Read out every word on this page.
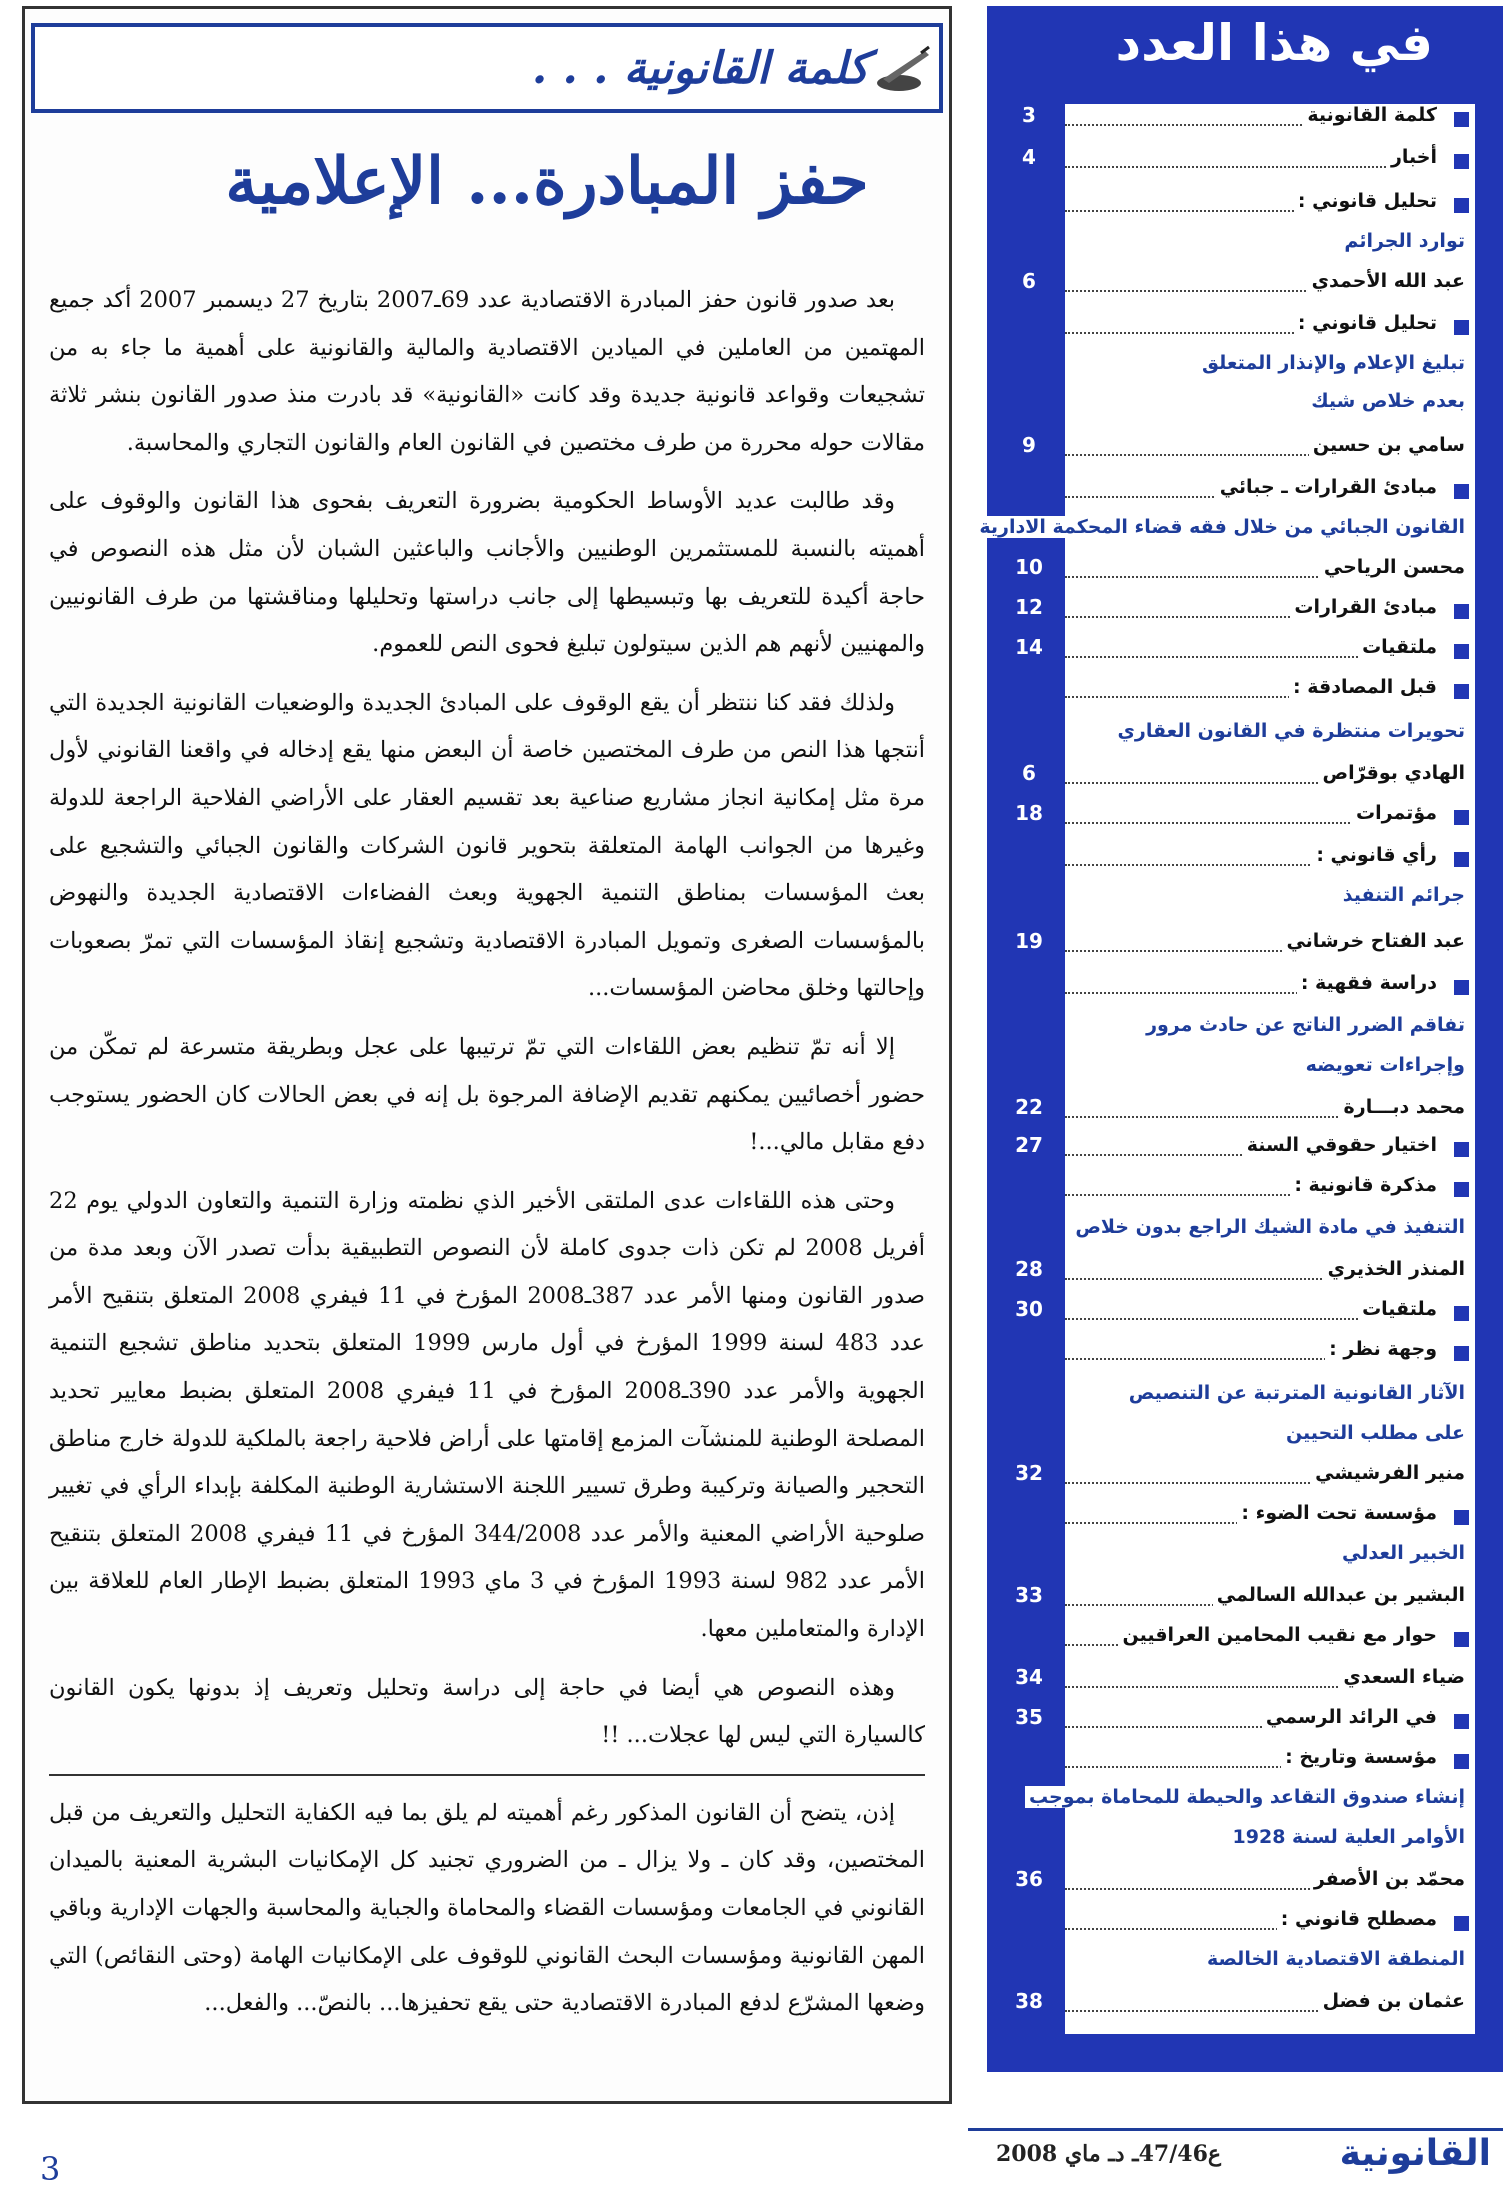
كلمة القانونية . . .
حفز المبادرة... الإعلامية

بعد صدور قانون حفز المبادرة الاقتصادية عدد 69ـ2007 بتاريخ 27 ديسمبر 2007 أكد جميع المهتمين من العاملين في الميادين الاقتصادية والمالية والقانونية على أهمية ما جاء به من تشجيعات وقواعد قانونية جديدة وقد كانت «القانونية» قد بادرت منذ صدور القانون بنشر ثلاثة مقالات حوله محررة من طرف مختصين في القانون العام والقانون التجاري والمحاسبة.

وقد طالبت عديد الأوساط الحكومية بضرورة التعريف بفحوى هذا القانون والوقوف على أهميته بالنسبة للمستثمرين الوطنيين والأجانب والباعثين الشبان لأن مثل هذه النصوص في حاجة أكيدة للتعريف بها وتبسيطها إلى جانب دراستها وتحليلها ومناقشتها من طرف القانونيين والمهنيين لأنهم هم الذين سيتولون تبليغ فحوى النص للعموم.

ولذلك فقد كنا ننتظر أن يقع الوقوف على المبادئ الجديدة والوضعيات القانونية الجديدة التي أنتجها هذا النص من طرف المختصين خاصة أن البعض منها يقع إدخاله في واقعنا القانوني لأول مرة مثل إمكانية انجاز مشاريع صناعية بعد تقسيم العقار على الأراضي الفلاحية الراجعة للدولة وغيرها من الجوانب الهامة المتعلقة بتحوير قانون الشركات والقانون الجبائي والتشجيع على بعث المؤسسات بمناطق التنمية الجهوية وبعث الفضاءات الاقتصادية الجديدة والنهوض بالمؤسسات الصغرى وتمويل المبادرة الاقتصادية وتشجيع إنقاذ المؤسسات التي تمرّ بصعوبات وإحالتها وخلق محاضن المؤسسات...

إلا أنه تمّ تنظيم بعض اللقاءات التي تمّ ترتيبها على عجل وبطريقة متسرعة لم تمكّن من حضور أخصائيين يمكنهم تقديم الإضافة المرجوة بل إنه في بعض الحالات كان الحضور يستوجب دفع مقابل مالي...!

وحتى هذه اللقاءات عدى الملتقى الأخير الذي نظمته وزارة التنمية والتعاون الدولي يوم 22 أفريل 2008 لم تكن ذات جدوى كاملة لأن النصوص التطبيقية بدأت تصدر الآن وبعد مدة من صدور القانون ومنها الأمر عدد 387ـ2008 المؤرخ في 11 فيفري 2008 المتعلق بتنقيح الأمر عدد 483 لسنة 1999 المؤرخ في أول مارس 1999 المتعلق بتحديد مناطق تشجيع التنمية الجهوية والأمر عدد 390ـ2008 المؤرخ في 11 فيفري 2008 المتعلق بضبط معايير تحديد المصلحة الوطنية للمنشآت المزمع إقامتها على أراض فلاحية راجعة بالملكية للدولة خارج مناطق التحجير والصيانة وتركيبة وطرق تسيير اللجنة الاستشارية الوطنية المكلفة بإبداء الرأي في تغيير صلوحية الأراضي المعنية والأمر عدد 344/2008 المؤرخ في 11 فيفري 2008 المتعلق بتنقيح الأمر عدد 982 لسنة 1993 المؤرخ في 3 ماي 1993 المتعلق بضبط الإطار العام للعلاقة بين الإدارة والمتعاملين معها.

وهذه النصوص هي أيضا في حاجة إلى دراسة وتحليل وتعريف إذ بدونها يكون القانون كالسيارة التي ليس لها عجلات... !!

إذن، يتضح أن القانون المذكور رغم أهميته لم يلق بما فيه الكفاية التحليل والتعريف من قبل المختصين، وقد كان ـ ولا يزال ـ من الضروري تجنيد كل الإمكانيات البشرية المعنية بالميدان القانوني في الجامعات ومؤسسات القضاء والمحاماة والجباية والمحاسبة والجهات الإدارية وباقي المهن القانونية ومؤسسات البحث القانوني للوقوف على الإمكانيات الهامة (وحتى النقائص) التي وضعها المشرّع لدفع المبادرة الاقتصادية حتى يقع تحفيزها... بالنصّ... والفعل...

في هذا العدد
كلمة القانونية
3
أخبار
4
تحليل قانوني :
توارد الجرائم
عبد الله الأحمدي
6
تحليل قانوني :
تبليغ الإعلام والإنذار المتعلق
بعدم خلاص شيك
سامي بن حسين
9
مبادئ القرارات ـ جبائي
القانون الجبائي من خلال فقه قضاء المحكمة الادارية
محسن الرياحي
10
مبادئ القرارات
12
ملتقيات
14
قبل المصادقة :
تحويرات منتظرة في القانون العقاري
الهادي بوقرّاص
6
مؤتمرات
18
رأي قانوني :
جرائم التنفيذ
عبد الفتاح خرشاني
19
دراسة فقهية :
تفاقم الضرر الناتج عن حادث مرور
وإجراءات تعويضه
محمد دبـــارة
22
اختيار حقوقي السنة
27
مذكرة قانونية :
التنفيذ في مادة الشيك الراجع بدون خلاص
المنذر الخذيري
28
ملتقيات
30
وجهة نظر :
الآثار القانونية المترتبة عن التنصيص
على مطلب التحيين
منير الفرشيشي
32
مؤسسة تحت الضوء :
الخبير العدلي
البشير بن عبدالله السالمي
33
حوار مع نقيب المحامين العراقيين
ضياء السعدي
34
في الرائد الرسمي
35
مؤسسة وتاريخ :
إنشاء صندوق التقاعد والحيطة للمحاماة بموجب
الأوامر العلية لسنة 1928
محمّد بن الأصفر
36
مصطلح قانوني :
المنطقة الاقتصادية الخالصة
عثمان بن فضل
38
3	القانونية
ع47/46ـ دـ ماي 2008
